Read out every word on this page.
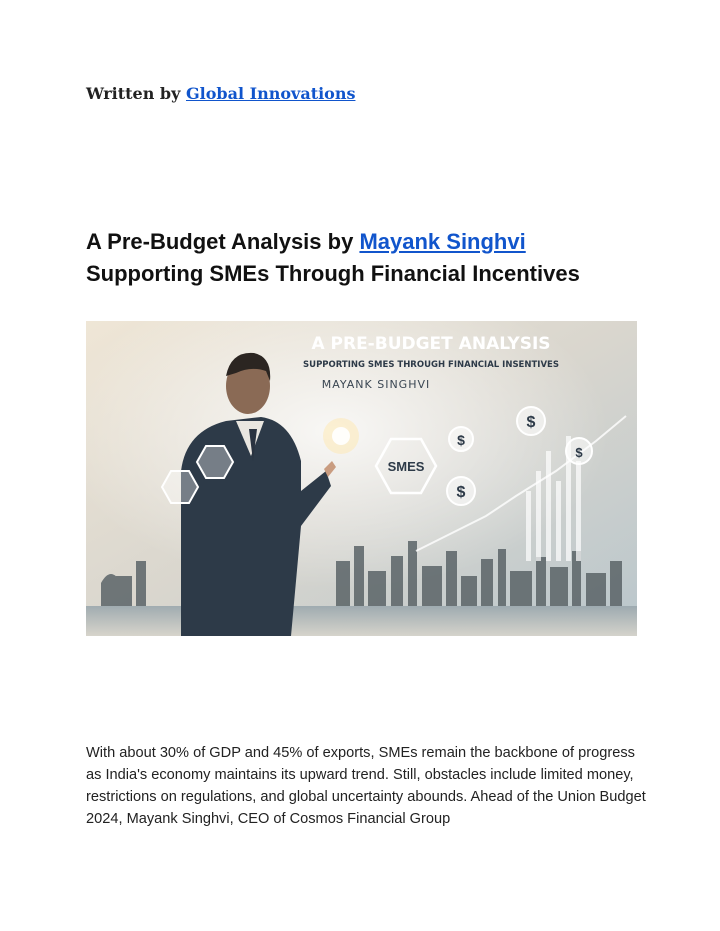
Written by Global Innovations
A Pre-Budget Analysis by Mayank Singhvi
Supporting SMEs Through Financial Incentives
SMES
$
$
$
$
A PRE-BUDGET ANALYSIS
SUPPORTING SMES THROUGH FINANCIAL INSENTIVES
MAYANK SINGHVI

With about 30% of GDP and 45% of exports, SMEs remain the backbone of progress as India's economy maintains its upward trend. Still, obstacles include limited money, restrictions on regulations, and global uncertainty abounds. Ahead of the Union Budget 2024, Mayank Singhvi, CEO of Cosmos Financial Group
